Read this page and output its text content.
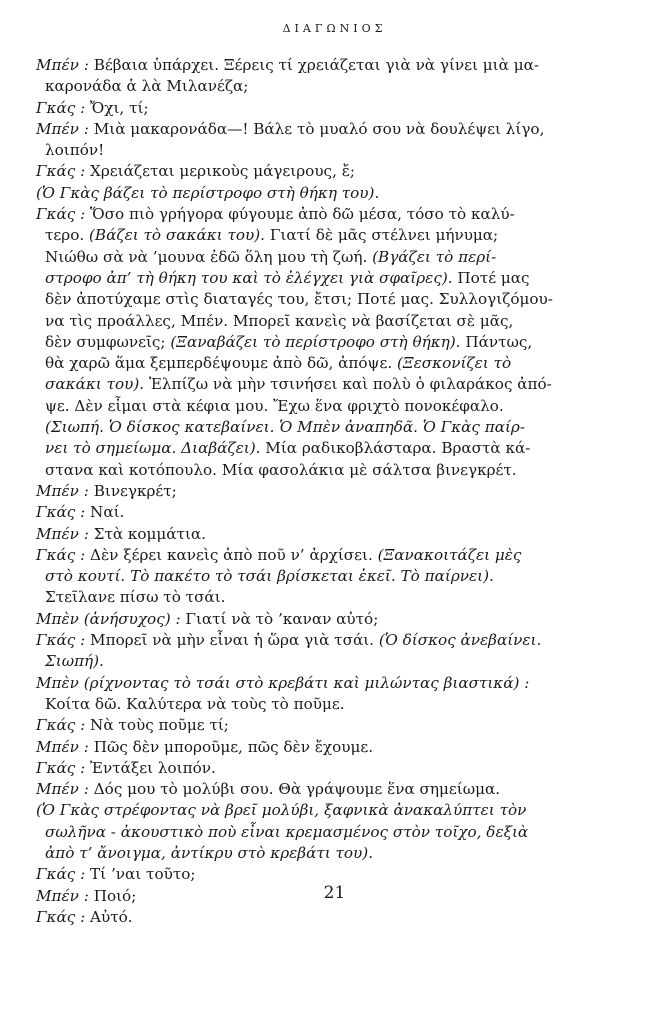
ΔΙΑΓΩΝΙΟΣ
Μπέν : Βέβαια ὑπάρχει. Ξέρεις τί χρειάζεται γιὰ νὰ γίνει μιὰ μα-
καρονάδα ἁ λὰ Μιλανέζα;
Γκάς : Ὄχι, τί;
Μπέν : Μιὰ μακαρονάδα—! Βάλε τὸ μυαλό σου νὰ δουλέψει λίγο,
λοιπόν!
Γκάς : Χρειάζεται μερικοὺς μάγειρους, ἔ;
(Ὁ Γκὰς βάζει τὸ περίστροφο στὴ θήκη του).
Γκάς : Ὅσο πιὸ γρήγορα φύγουμε ἀπὸ δῶ μέσα, τόσο τὸ καλύ-
τερο. (Βάζει τὸ σακάκι του). Γιατί δὲ μᾶς στέλνει μήνυμα;
Νιώθω σὰ νὰ ’μουνα ἐδῶ ὅλη μου τὴ ζωή. (Βγάζει τὸ περί-
στροφο ἀπ’ τὴ θήκη του καὶ τὸ ἐλέγχει γιὰ σφαῖρες). Ποτέ μας
δὲν ἀποτύχαμε στὶς διαταγές του, ἔτσι; Ποτέ μας. Συλλογιζόμου-
να τὶς προάλλες, Μπέν. Μπορεῖ κανεὶς νὰ βασίζεται σὲ μᾶς,
δὲν συμφωνεῖς; (Ξαναβάζει τὸ περίστροφο στὴ θήκη). Πάντως,
θὰ χαρῶ ἅμα ξεμπερδέψουμε ἀπὸ δῶ, ἀπόψε. (Ξεσκονίζει τὸ
σακάκι του). Ἐλπίζω νὰ μὴν τσινήσει καὶ πολὺ ὁ φιλαράκος ἀπό-
ψε. Δὲν εἶμαι στὰ κέφια μου. Ἔχω ἕνα φριχτὸ πονοκέφαλο.
(Σιωπή. Ὁ δίσκος κατεβαίνει. Ὁ Μπὲν ἀναπηδᾶ. Ὁ Γκὰς παίρ-
νει τὸ σημείωμα. Διαβάζει). Μία ραδικοβλάσταρα. Βραστὰ κά-
στανα καὶ κοτόπουλο. Μία φασολάκια μὲ σάλτσα βινεγκρέτ.
Μπέν : Βινεγκρέτ;
Γκάς : Ναί.
Μπέν : Στὰ κομμάτια.
Γκάς : Δὲν ξέρει κανεὶς ἀπὸ ποῦ ν’ ἀρχίσει. (Ξανακοιτάζει μὲς
στὸ κουτί. Τὸ πακέτο τὸ τσάι βρίσκεται ἐκεῖ. Τὸ παίρνει).
Στεῖλανε πίσω τὸ τσάι.
Μπὲν (ἀνήσυχος) : Γιατί νὰ τὸ ’καναν αὐτό;
Γκάς : Μπορεῖ νὰ μὴν εἶναι ἡ ὥρα γιὰ τσάι. (Ὁ δίσκος ἀνεβαίνει.
Σιωπή).
Μπὲν (ρίχνοντας τὸ τσάι στὸ κρεβάτι καὶ μιλώντας βιαστικά) :
Κοίτα δῶ. Καλύτερα νὰ τοὺς τὸ ποῦμε.
Γκάς : Νὰ τοὺς ποῦμε τί;
Μπέν : Πῶς δὲν μποροῦμε, πῶς δὲν ἔχουμε.
Γκάς : Ἐντάξει λοιπόν.
Μπέν : Δός μου τὸ μολύβι σου. Θὰ γράψουμε ἕνα σημείωμα.
(Ὁ Γκὰς στρέφοντας νὰ βρεῖ μολύβι, ξαφνικὰ ἀνακαλύπτει τὸν
σωλῆνα - ἀκουστικὸ ποὺ εἶναι κρεμασμένος στὸν τοῖχο, δεξιὰ
ἀπὸ τ’ ἄνοιγμα, ἀντίκρυ στὸ κρεβάτι του).
Γκάς : Τί ’ναι τοῦτο;
Μπέν : Ποιό;
Γκάς : Αὐτό.
21
